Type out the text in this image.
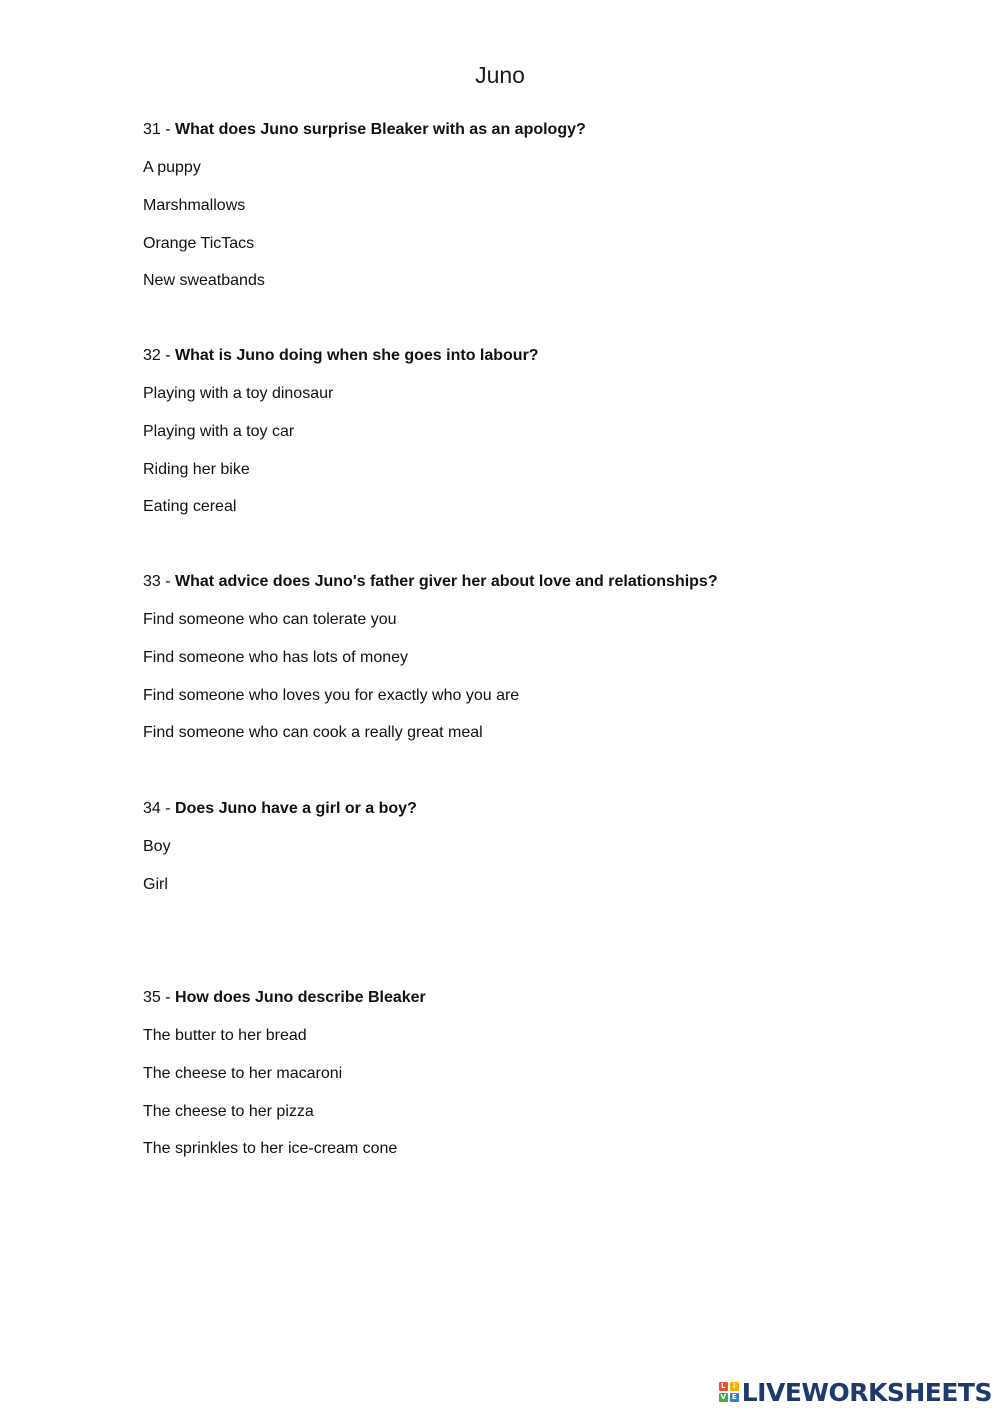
Juno
31 - What does Juno surprise Bleaker with as an apology?
A puppy
Marshmallows
Orange TicTacs
New sweatbands
32 - What is Juno doing when she goes into labour?
Playing with a toy dinosaur
Playing with a toy car
Riding her bike
Eating cereal
33 - What advice does Juno's father giver her about love and relationships?
Find someone who can tolerate you
Find someone who has lots of money
Find someone who loves you for exactly who you are
Find someone who can cook a really great meal
34 - Does Juno have a girl or a boy?
Boy
Girl
35 - How does Juno describe Bleaker
The butter to her bread
The cheese to her macaroni
The cheese to her pizza
The sprinkles to her ice-cream cone
L	I
V E LIVEWORKSHEETS
